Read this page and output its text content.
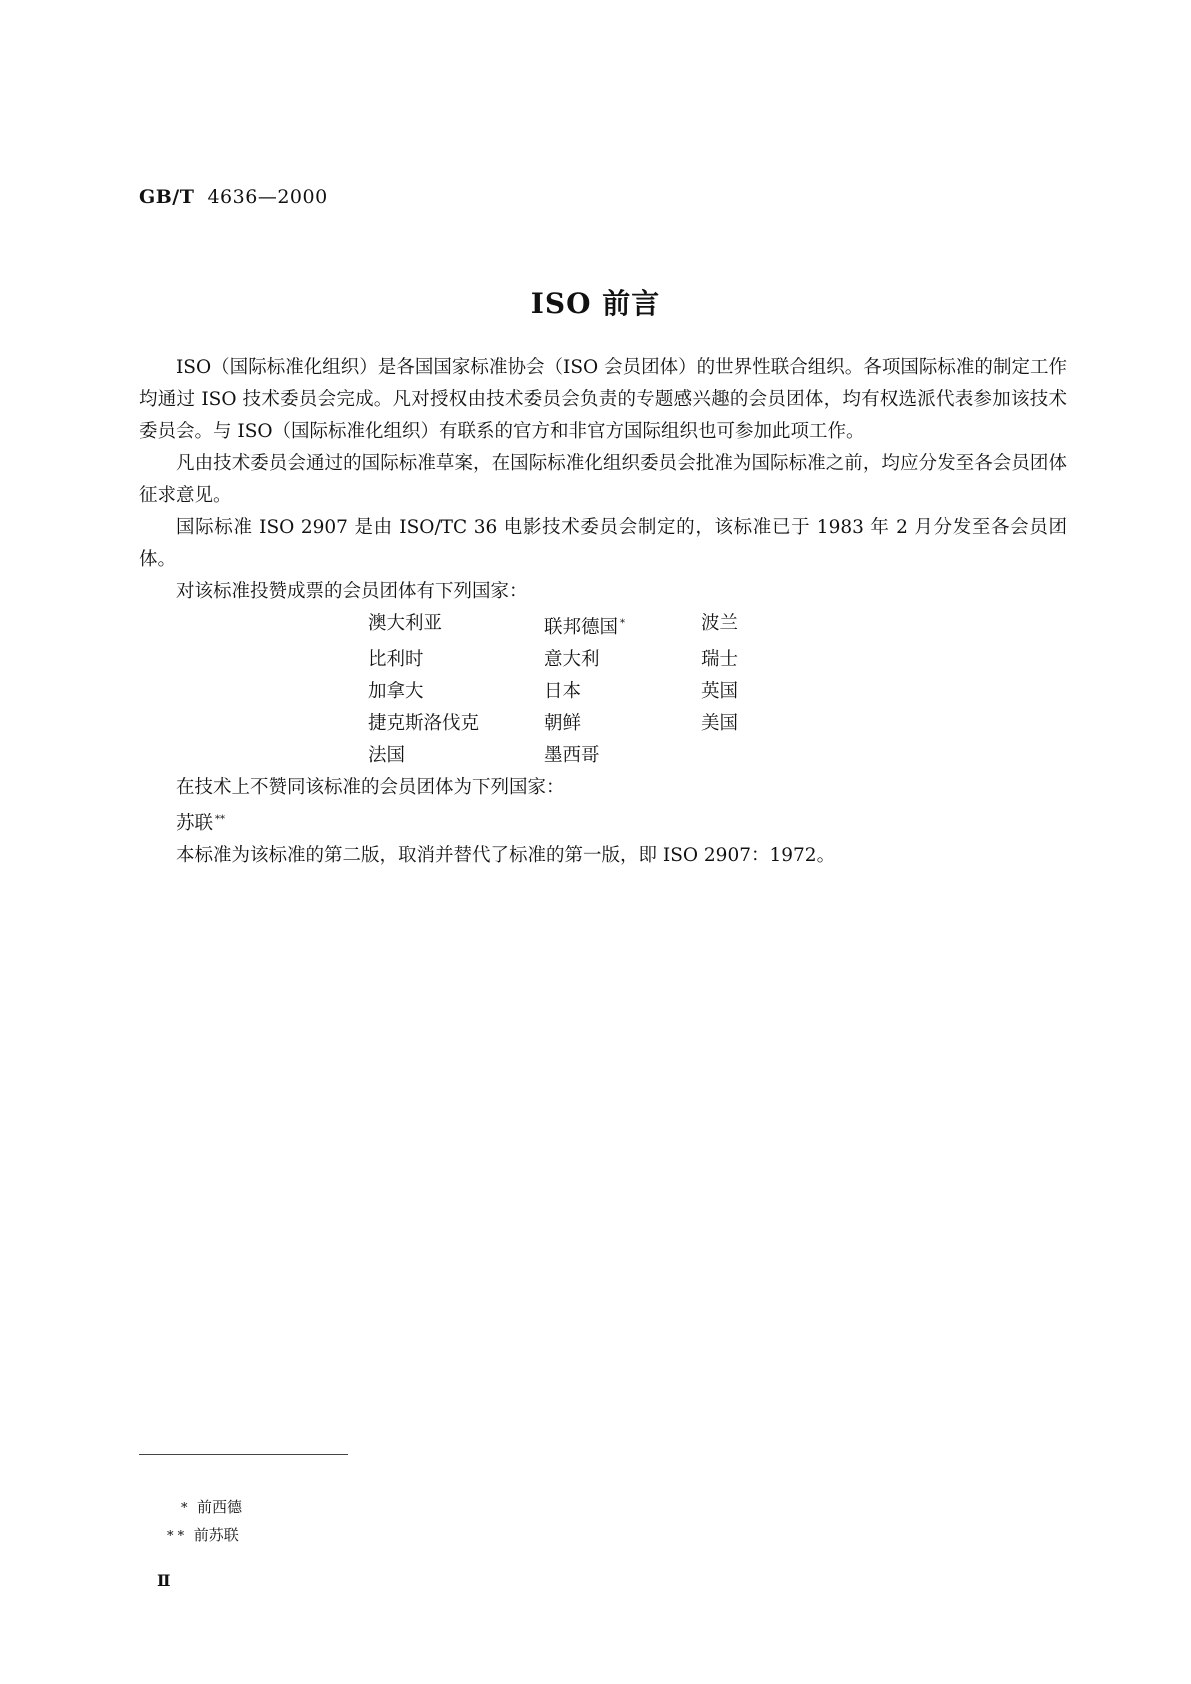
GB/T 4636—2000
ISO 前言

ISO（国际标准化组织）是各国国家标准协会（ISO 会员团体）的世界性联合组织。各项国际标准的制定工作均通过 ISO 技术委员会完成。凡对授权由技术委员会负责的专题感兴趣的会员团体，均有权选派代表参加该技术委员会。与 ISO（国际标准化组织）有联系的官方和非官方国际组织也可参加此项工作。

凡由技术委员会通过的国际标准草案，在国际标准化组织委员会批准为国际标准之前，均应分发至各会员团体征求意见。

国际标准 ISO 2907 是由 ISO/TC 36 电影技术委员会制定的，该标准已于 1983 年 2 月分发至各会员团体。

对该标准投赞成票的会员团体有下列国家：

澳大利亚	联邦德国 *	波兰
比利时	意大利	瑞士
加拿大	日本	英国
捷克斯洛伐克	朝鲜	美国
法国	墨西哥	

在技术上不赞同该标准的会员团体为下列国家：

苏联 **

本标准为该标准的第二版，取消并替代了标准的第一版，即 ISO 2907：1972。

* 前西德
* * 前苏联
Ⅱ
